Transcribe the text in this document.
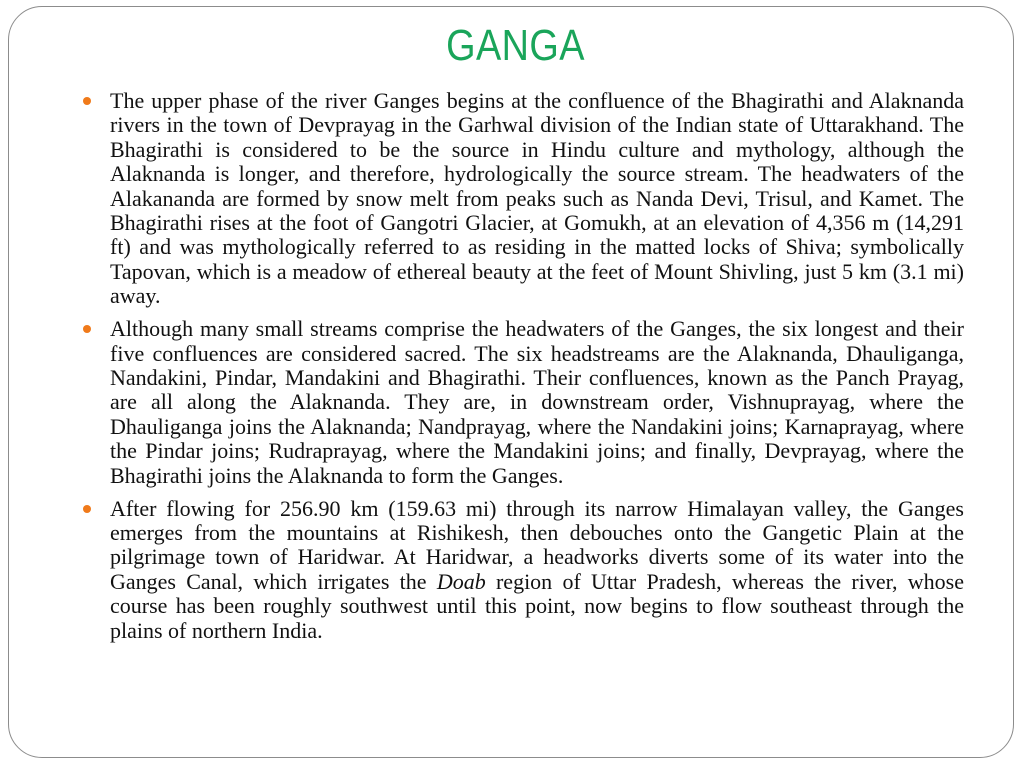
GANGA
The upper phase of the river Ganges begins at the confluence of the Bhagirathi and Alaknanda rivers in the town of Devprayag in the Garhwal division of the Indian state of Uttarakhand. The Bhagirathi is considered to be the source in Hindu culture and mythology, although the Alaknanda is longer, and therefore, hydrologically the source stream. The headwaters of the Alakananda are formed by snow melt from peaks such as Nanda Devi, Trisul, and Kamet. The Bhagirathi rises at the foot of Gangotri Glacier, at Gomukh, at an elevation of 4,356 m (14,291 ft) and was mythologically referred to as residing in the matted locks of Shiva; symbolically Tapovan, which is a meadow of ethereal beauty at the feet of Mount Shivling, just 5 km (3.1 mi) away.
Although many small streams comprise the headwaters of the Ganges, the six longest and their five confluences are considered sacred. The six headstreams are the Alaknanda, Dhauliganga, Nandakini, Pindar, Mandakini and Bhagirathi. Their confluences, known as the Panch Prayag, are all along the Alaknanda. They are, in downstream order, Vishnuprayag, where the Dhauliganga joins the Alaknanda; Nandprayag, where the Nandakini joins; Karnaprayag, where the Pindar joins; Rudraprayag, where the Mandakini joins; and finally, Devprayag, where the Bhagirathi joins the Alaknanda to form the Ganges.
After flowing for 256.90 km (159.63 mi) through its narrow Himalayan valley, the Ganges emerges from the mountains at Rishikesh, then debouches onto the Gangetic Plain at the pilgrimage town of Haridwar. At Haridwar, a headworks diverts some of its water into the Ganges Canal, which irrigates the Doab region of Uttar Pradesh, whereas the river, whose course has been roughly southwest until this point, now begins to flow southeast through the plains of northern India.
